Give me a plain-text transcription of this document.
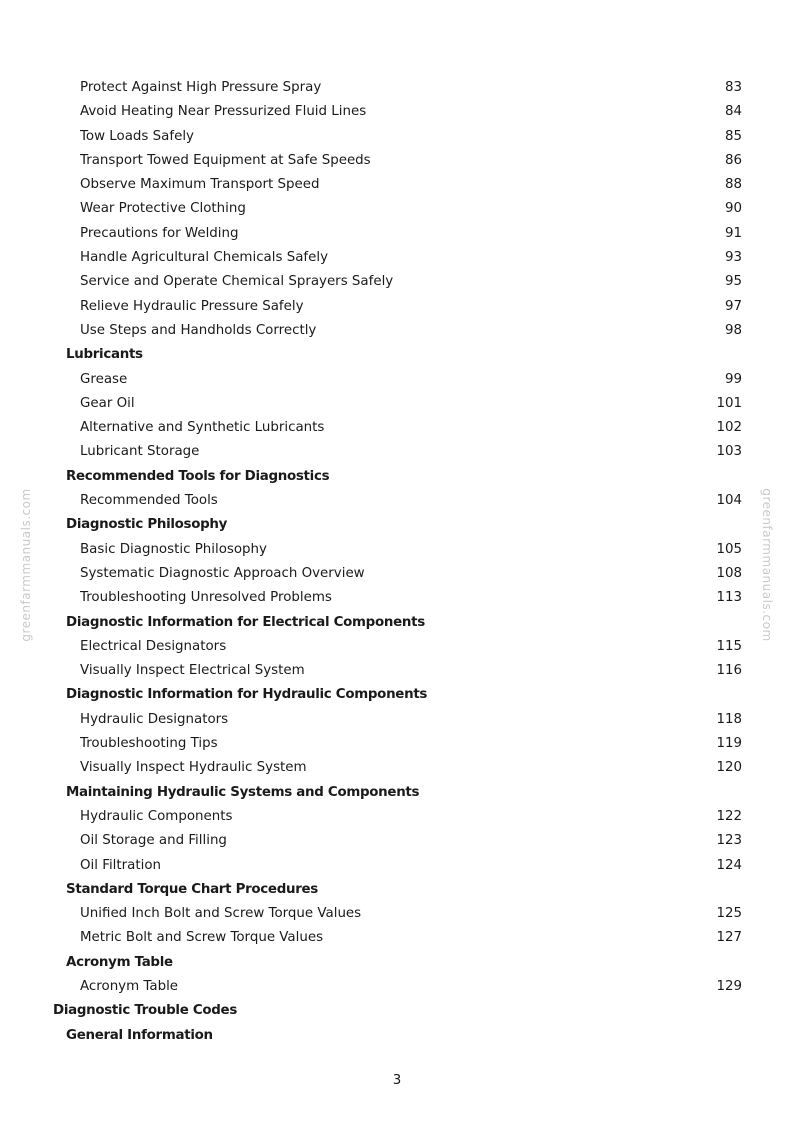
Protect Against High Pressure Spray	83
Avoid Heating Near Pressurized Fluid Lines	84
Tow Loads Safely	85
Transport Towed Equipment at Safe Speeds	86
Observe Maximum Transport Speed	88
Wear Protective Clothing	90
Precautions for Welding	91
Handle Agricultural Chemicals Safely	93
Service and Operate Chemical Sprayers Safely	95
Relieve Hydraulic Pressure Safely	97
Use Steps and Handholds Correctly	98
Lubricants
Grease	99
Gear Oil	101
Alternative and Synthetic Lubricants	102
Lubricant Storage	103
Recommended Tools for Diagnostics
Recommended Tools	104
Diagnostic Philosophy
Basic Diagnostic Philosophy	105
Systematic Diagnostic Approach Overview	108
Troubleshooting Unresolved Problems	113
Diagnostic Information for Electrical Components
Electrical Designators	115
Visually Inspect Electrical System	116
Diagnostic Information for Hydraulic Components
Hydraulic Designators	118
Troubleshooting Tips	119
Visually Inspect Hydraulic System	120
Maintaining Hydraulic Systems and Components
Hydraulic Components	122
Oil Storage and Filling	123
Oil Filtration	124
Standard Torque Chart Procedures
Unified Inch Bolt and Screw Torque Values	125
Metric Bolt and Screw Torque Values	127
Acronym Table
Acronym Table	129
Diagnostic Trouble Codes
General Information
greenfarmmanuals.com	greenfarmmanuals.com
3
